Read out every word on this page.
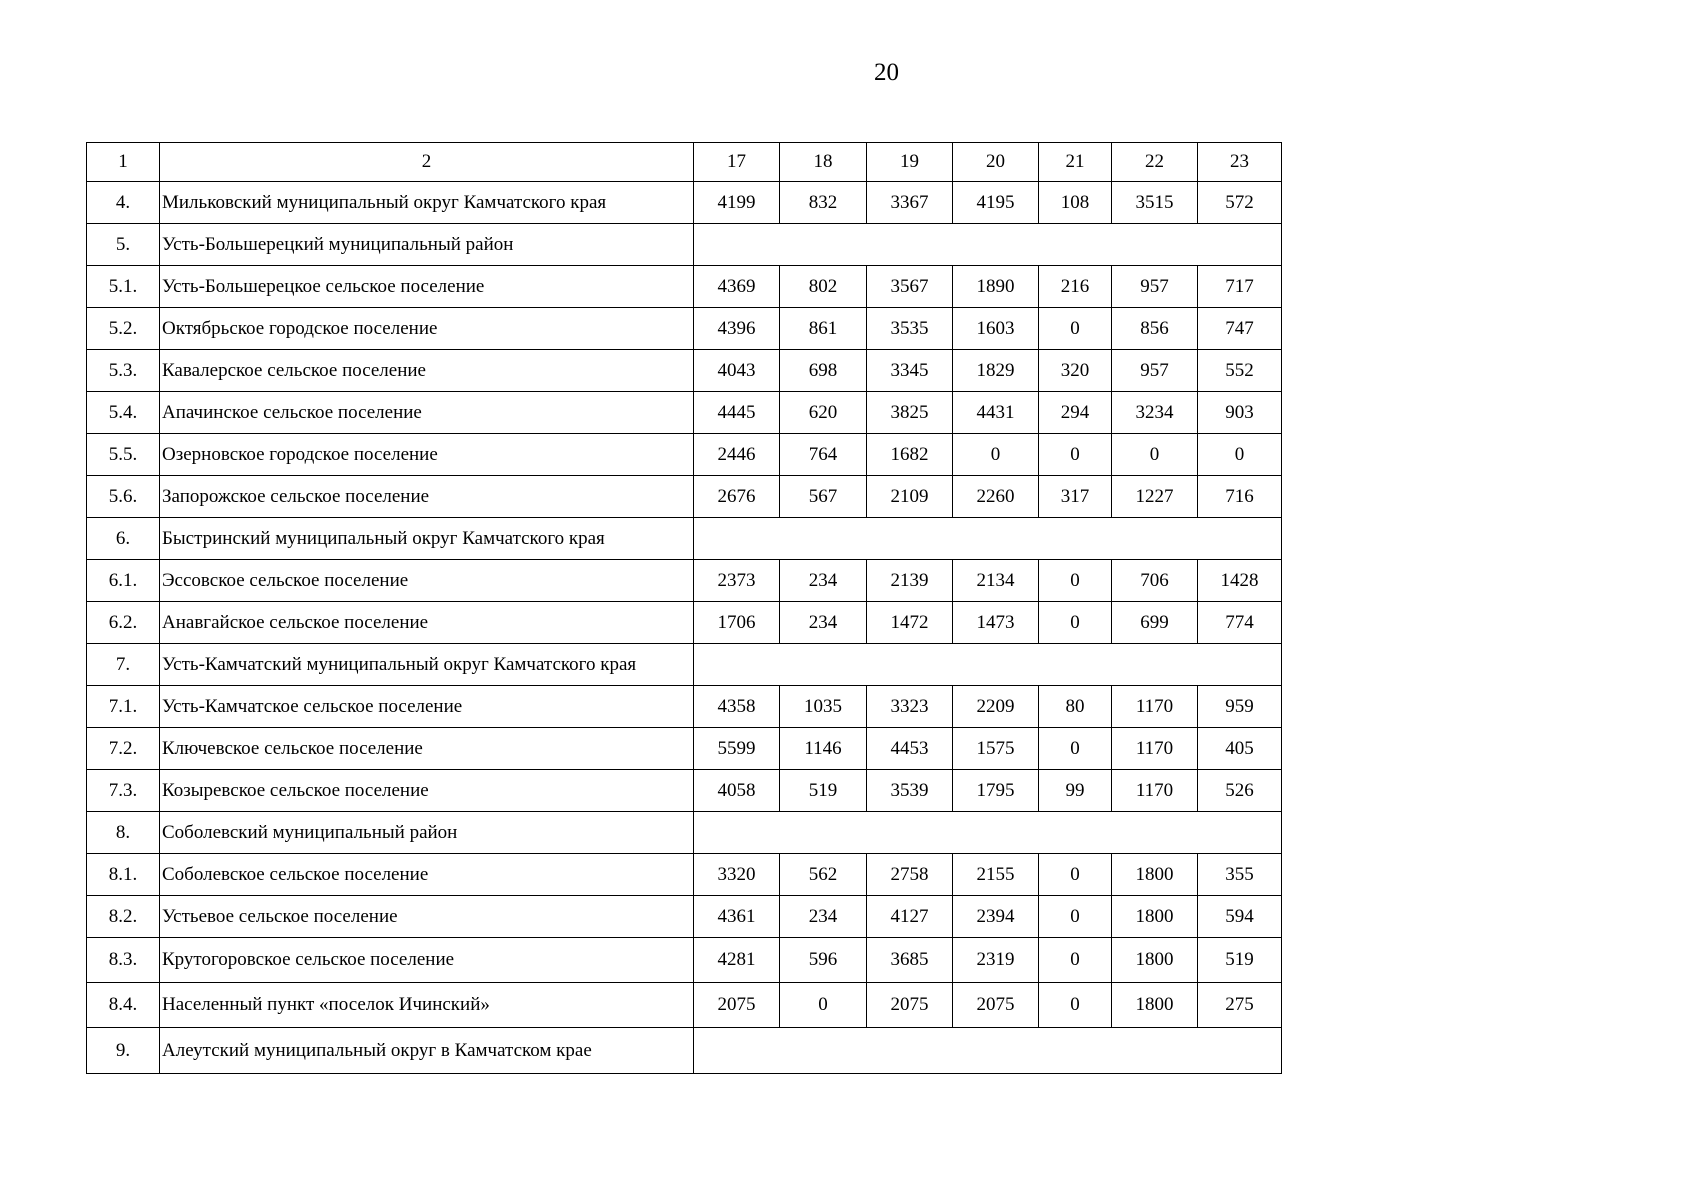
20
1	2	17	18	19	20	21	22	23
4.	Мильковский муниципальный округ Камчатского края	4199	832	3367	4195	108	3515	572
5.	Усть-Большерецкий муниципальный район							
5.1.	Усть-Большерецкое сельское поселение	4369	802	3567	1890	216	957	717
5.2.	Октябрьское городское поселение	4396	861	3535	1603	0	856	747
5.3.	Кавалерское сельское поселение	4043	698	3345	1829	320	957	552
5.4.	Апачинское сельское поселение	4445	620	3825	4431	294	3234	903
5.5.	Озерновское городское поселение	2446	764	1682	0	0	0	0
5.6.	Запорожское сельское поселение	2676	567	2109	2260	317	1227	716
6.	Быстринский муниципальный округ Камчатского края							
6.1.	Эссовское сельское поселение	2373	234	2139	2134	0	706	1428
6.2.	Анавгайское сельское поселение	1706	234	1472	1473	0	699	774
7.	Усть-Камчатский муниципальный округ Камчатского края							
7.1.	Усть-Камчатское сельское поселение	4358	1035	3323	2209	80	1170	959
7.2.	Ключевское сельское поселение	5599	1146	4453	1575	0	1170	405
7.3.	Козыревское сельское поселение	4058	519	3539	1795	99	1170	526
8.	Соболевский муниципальный район							
8.1.	Соболевское сельское поселение	3320	562	2758	2155	0	1800	355
8.2.	Устьевое сельское поселение	4361	234	4127	2394	0	1800	594
8.3.	Крутогоровское сельское поселение	4281	596	3685	2319	0	1800	519
8.4.	Населенный пункт «поселок Ичинский»	2075	0	2075	2075	0	1800	275
9.	Алеутский муниципальный округ в Камчатском крае							
